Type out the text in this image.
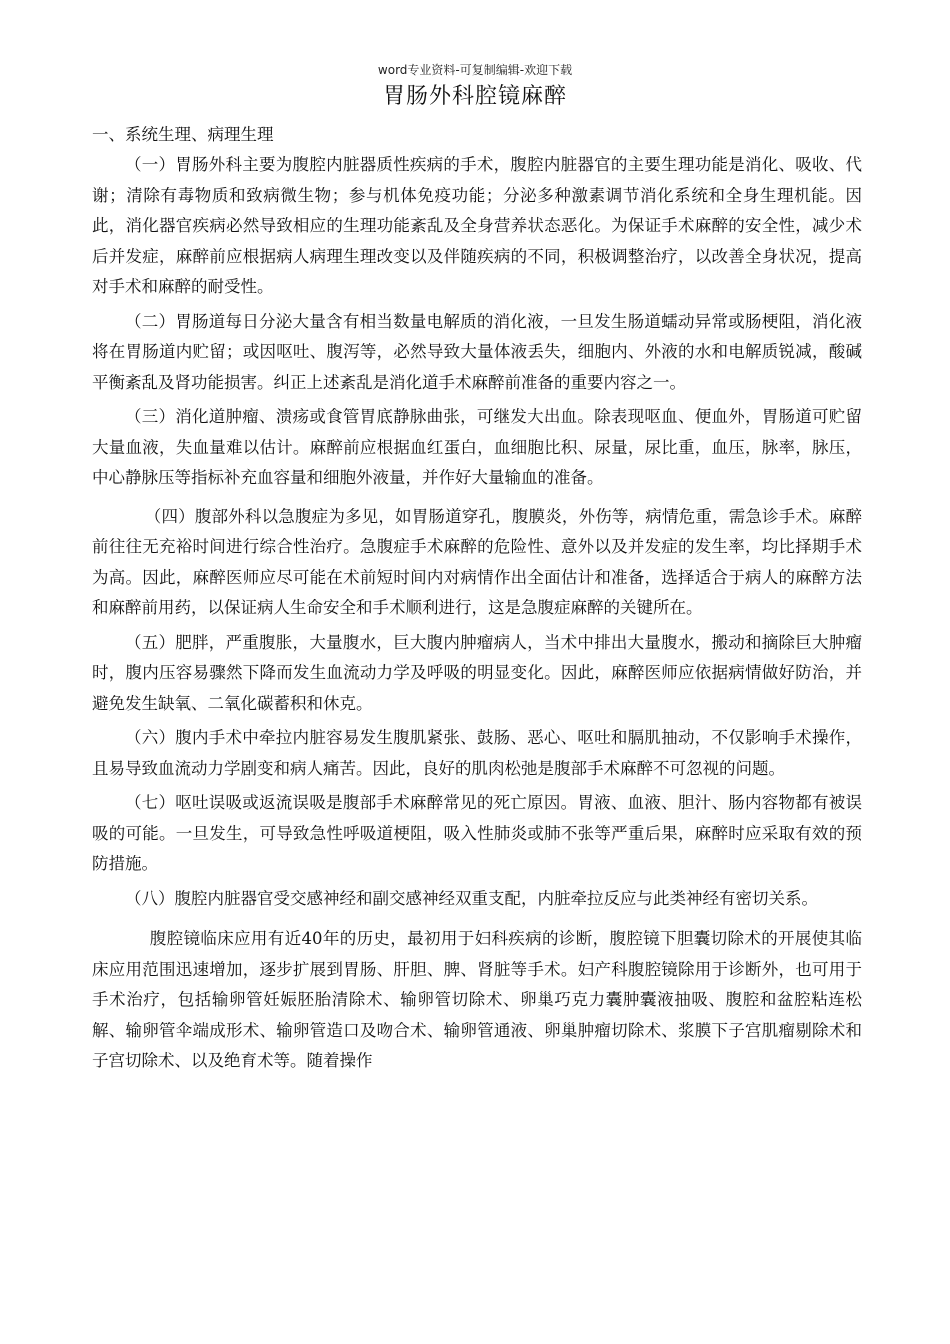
word专业资料-可复制编辑-欢迎下载
胃肠外科腔镜麻醉
一、系统生理、病理生理

（一）胃肠外科主要为腹腔内脏器质性疾病的手术，腹腔内脏器官的主要生理功能是消化、吸收、代谢；清除有毒物质和致病微生物；参与机体免疫功能；分泌多种激素调节消化系统和全身生理机能。因此，消化器官疾病必然导致相应的生理功能紊乱及全身营养状态恶化。为保证手术麻醉的安全性，减少术后并发症，麻醉前应根据病人病理生理改变以及伴随疾病的不同，积极调整治疗，以改善全身状况，提高对手术和麻醉的耐受性。

（二）胃肠道每日分泌大量含有相当数量电解质的消化液，一旦发生肠道蠕动异常或肠梗阻，消化液将在胃肠道内贮留；或因呕吐、腹泻等，必然导致大量体液丢失，细胞内、外液的水和电解质锐减，酸碱平衡紊乱及肾功能损害。纠正上述紊乱是消化道手术麻醉前准备的重要内容之一。

（三）消化道肿瘤、溃疡或食管胃底静脉曲张，可继发大出血。除表现呕血、便血外，胃肠道可贮留大量血液，失血量难以估计。麻醉前应根据血红蛋白，血细胞比积、尿量，尿比重，血压，脉率，脉压，中心静脉压等指标补充血容量和细胞外液量，并作好大量输血的准备。

（四）腹部外科以急腹症为多见，如胃肠道穿孔，腹膜炎，外伤等，病情危重，需急诊手术。麻醉前往往无充裕时间进行综合性治疗。急腹症手术麻醉的危险性、意外以及并发症的发生率，均比择期手术为高。因此，麻醉医师应尽可能在术前短时间内对病情作出全面估计和准备，选择适合于病人的麻醉方法和麻醉前用药，以保证病人生命安全和手术顺利进行，这是急腹症麻醉的关键所在。

（五）肥胖，严重腹胀，大量腹水，巨大腹内肿瘤病人，当术中排出大量腹水，搬动和摘除巨大肿瘤时，腹内压容易骤然下降而发生血流动力学及呼吸的明显变化。因此，麻醉医师应依据病情做好防治，并避免发生缺氧、二氧化碳蓄积和休克。

（六）腹内手术中牵拉内脏容易发生腹肌紧张、鼓肠、恶心、呕吐和膈肌抽动，不仅影响手术操作，且易导致血流动力学剧变和病人痛苦。因此，良好的肌肉松弛是腹部手术麻醉不可忽视的问题。

（七）呕吐误吸或返流误吸是腹部手术麻醉常见的死亡原因。胃液、血液、胆汁、肠内容物都有被误吸的可能。一旦发生，可导致急性呼吸道梗阻，吸入性肺炎或肺不张等严重后果，麻醉时应采取有效的预防措施。

（八）腹腔内脏器官受交感神经和副交感神经双重支配，内脏牵拉反应与此类神经有密切关系。

腹腔镜临床应用有近40年的历史，最初用于妇科疾病的诊断，腹腔镜下胆囊切除术的开展使其临床应用范围迅速增加，逐步扩展到胃肠、肝胆、脾、肾脏等手术。妇产科腹腔镜除用于诊断外，也可用于手术治疗，包括输卵管妊娠胚胎清除术、输卵管切除术、卵巢巧克力囊肿囊液抽吸、腹腔和盆腔粘连松解、输卵管伞端成形术、输卵管造口及吻合术、输卵管通液、卵巢肿瘤切除术、浆膜下子宫肌瘤剔除术和子宫切除术、以及绝育术等。随着操作
